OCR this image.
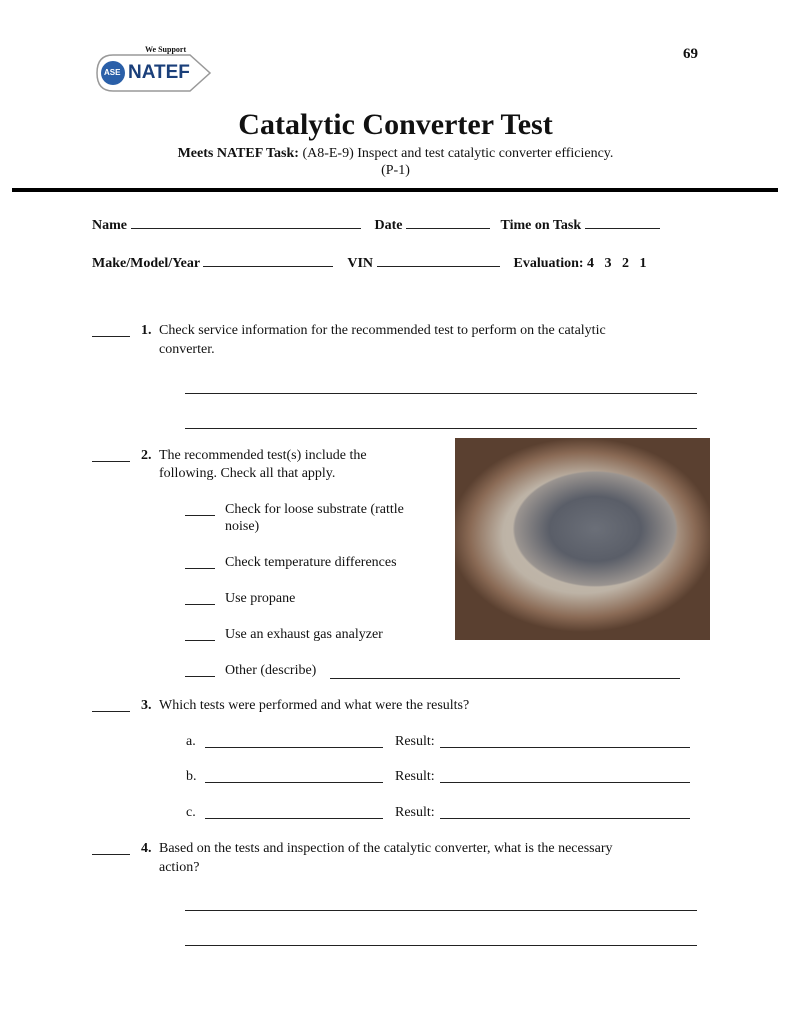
69
We Support
ASE NATEF
Catalytic Converter Test
Meets NATEF Task: (A8-E-9) Inspect and test catalytic converter efficiency.
(P-1)
Name	Date	Time on Task
Make/Model/Year	VIN	Evaluation: 4   3   2   1
1. Check service information for the recommended test to perform on the catalytic
converter.
2. The recommended test(s) include the
following. Check all that apply.
Check for loose substrate (rattle
noise)
Check temperature differences
Use propane
Use an exhaust gas analyzer
Other (describe)
3. Which tests were performed and what were the results?
a.	Result:
b.	Result:
c.	Result:
4. Based on the tests and inspection of the catalytic converter, what is the necessary
action?
